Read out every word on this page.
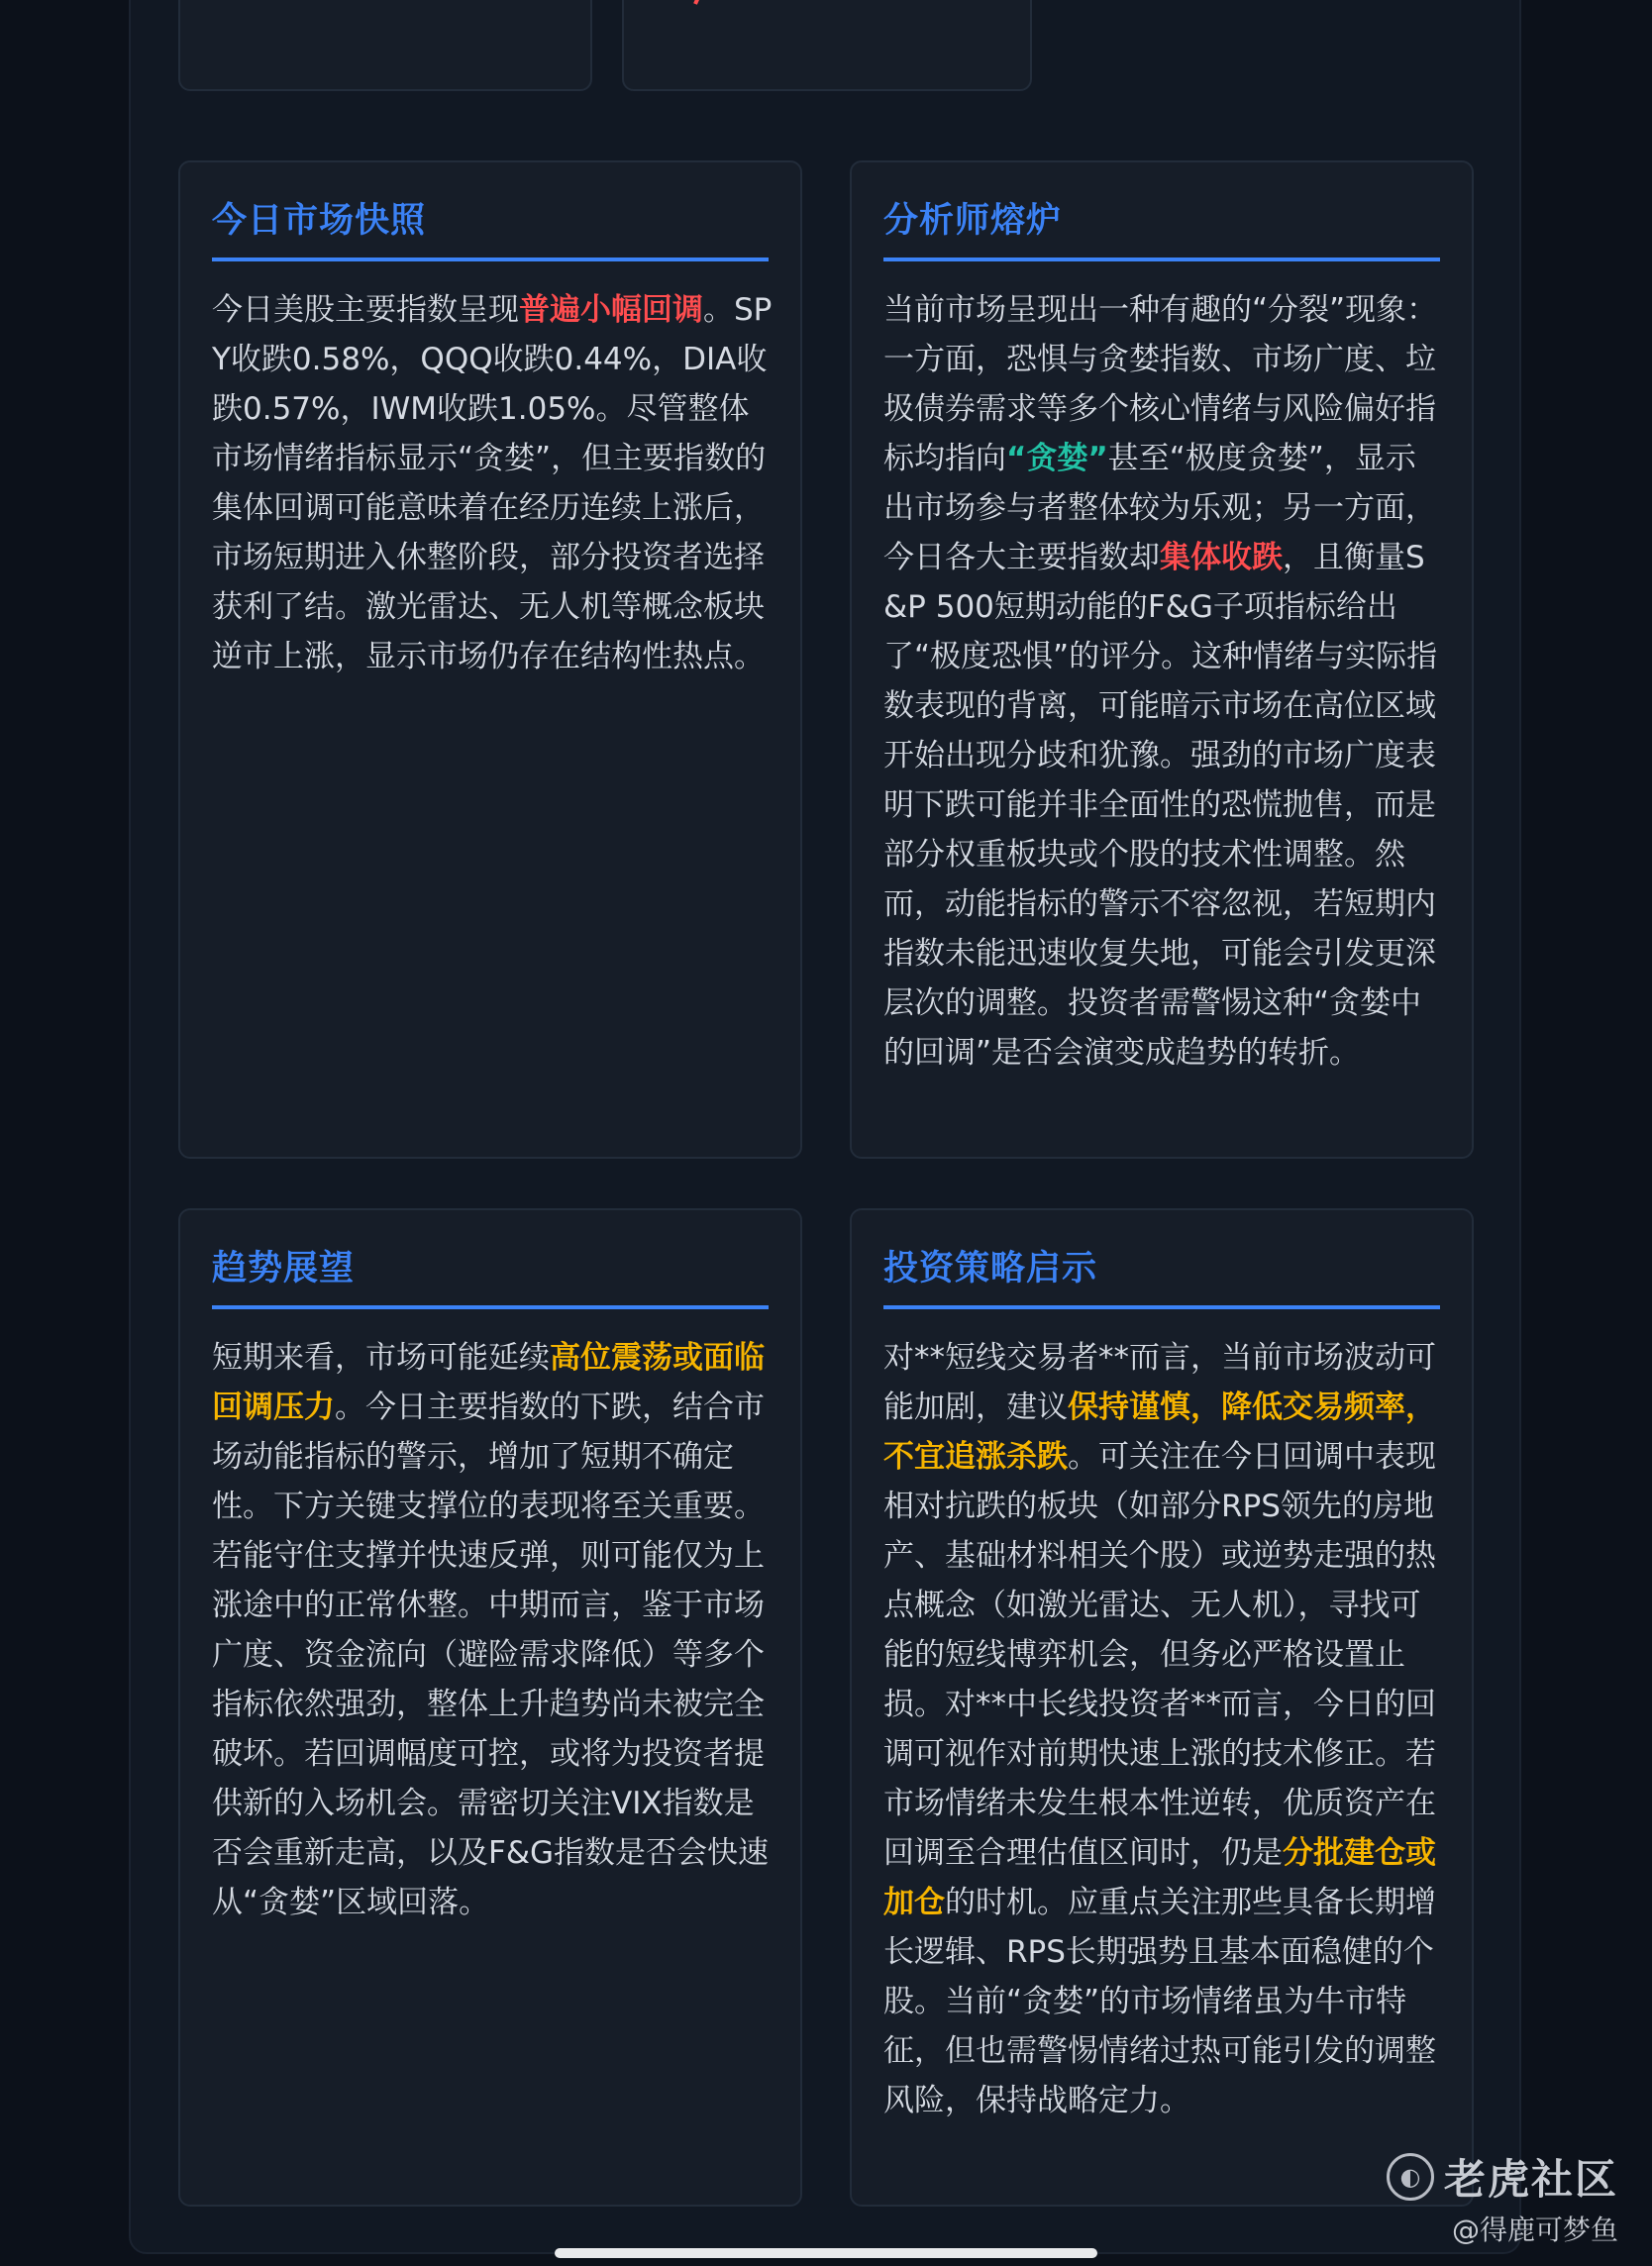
今日市场快照
今日美股主要指数呈现普遍小幅回调。SPY收跌0.58%，QQQ收跌0.44%，DIA收跌0.57%，IWM收跌1.05%。尽管整体市场情绪指标显示“贪婪”，但主要指数的集体回调可能意味着在经历连续上涨后，市场短期进入休整阶段，部分投资者选择获利了结。激光雷达、无人机等概念板块逆市上涨，显示市场仍存在结构性热点。
分析师熔炉
当前市场呈现出一种有趣的“分裂”现象：一方面，恐惧与贪婪指数、市场广度、垃圾债券需求等多个核心情绪与风险偏好指标均指向“贪婪”甚至“极度贪婪”，显示出市场参与者整体较为乐观；另一方面，今日各大主要指数却集体收跌，且衡量S&P 500短期动能的F&G子项指标给出了“极度恐惧”的评分。这种情绪与实际指数表现的背离，可能暗示市场在高位区域开始出现分歧和犹豫。强劲的市场广度表明下跌可能并非全面性的恐慌抛售，而是部分权重板块或个股的技术性调整。然而，动能指标的警示不容忽视，若短期内指数未能迅速收复失地，可能会引发更深层次的调整。投资者需警惕这种“贪婪中的回调”是否会演变成趋势的转折。
趋势展望
短期来看，市场可能延续高位震荡或面临回调压力。今日主要指数的下跌，结合市场动能指标的警示，增加了短期不确定性。下方关键支撑位的表现将至关重要。若能守住支撑并快速反弹，则可能仅为上涨途中的正常休整。中期而言，鉴于市场广度、资金流向（避险需求降低）等多个指标依然强劲，整体上升趋势尚未被完全破坏。若回调幅度可控，或将为投资者提供新的入场机会。需密切关注VIX指数是否会重新走高，以及F&G指数是否会快速从“贪婪”区域回落。
投资策略启示
对**短线交易者**而言，当前市场波动可能加剧，建议保持谨慎，降低交易频率，不宜追涨杀跌。可关注在今日回调中表现相对抗跌的板块（如部分RPS领先的房地产、基础材料相关个股）或逆势走强的热点概念（如激光雷达、无人机），寻找可能的短线博弈机会，但务必严格设置止损。对**中长线投资者**而言，今日的回调可视作对前期快速上涨的技术修正。若市场情绪未发生根本性逆转，优质资产在回调至合理估值区间时，仍是分批建仓或加仓的时机。应重点关注那些具备长期增长逻辑、RPS长期强势且基本面稳健的个股。当前“贪婪”的市场情绪虽为牛市特征，但也需警惕情绪过热可能引发的调整风险，保持战略定力。
◐ 老虎社区
@得鹿可梦鱼
